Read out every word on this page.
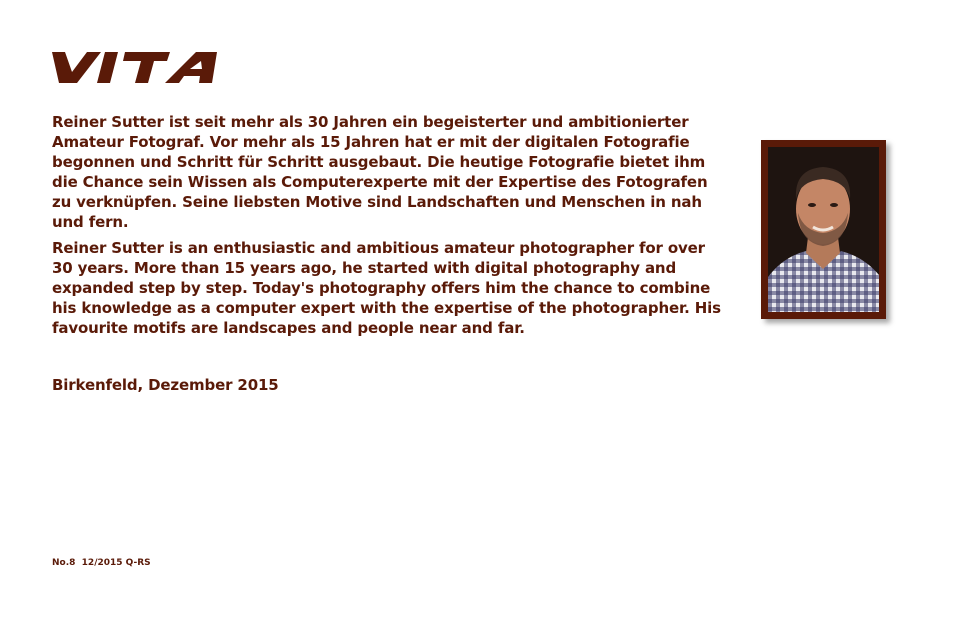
Reiner Sutter ist seit mehr als 30 Jahren ein begeisterter und ambitionierter Amateur Fotograf. Vor mehr als 15 Jahren hat er mit der digitalen Fotografie begonnen und Schritt für Schritt ausgebaut. Die heutige Fotografie bietet ihm die Chance sein Wissen als Computerexperte mit der Expertise des Fotografen zu verknüpfen. Seine liebsten Motive sind Landschaften und Menschen in nah und fern.

Reiner Sutter is an enthusiastic and ambitious amateur photographer for over 30 years. More than 15 years ago, he started with digital photography and expanded step by step. Today's photography offers him the chance to combine his knowledge as a computer expert with the expertise of the photographer. His favourite motifs are landscapes and people near and far.

Birkenfeld, Dezember 2015
No.8  12/2015 Q-RS
